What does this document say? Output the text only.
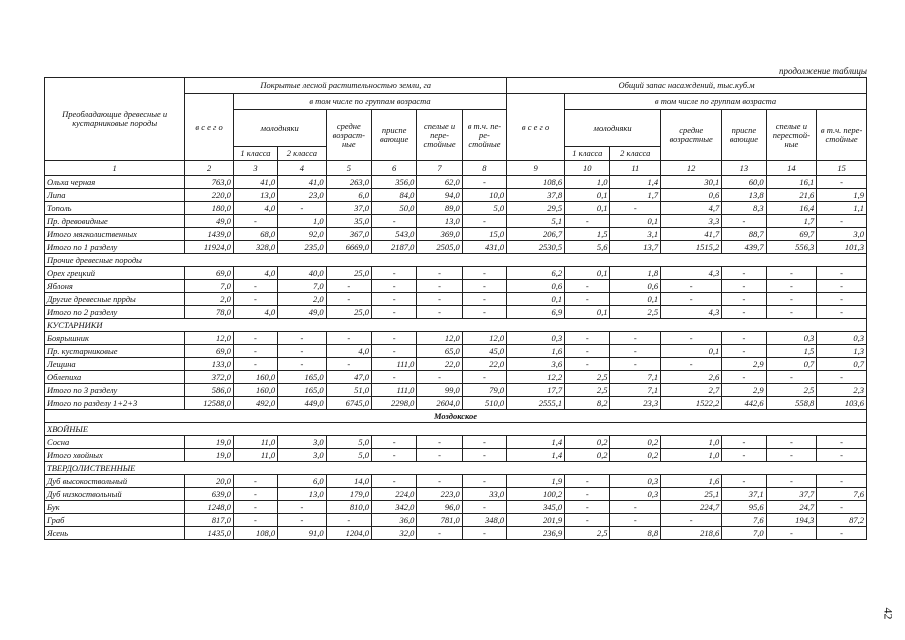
продолжение таблицы
Преобладающие древесные и кустарниковые породы	Покрытые лесной растительностью земли, га							Общий запас насаждений, тыс.куб.м						
	в с е г о	в том числе по группам возраста						в с е г о	в том числе по группам возраста					
		молодняки		средне возраст- ные	приспе вающие	спелые и пере- стойные	в т.ч. пе- ре- стойные		молодняки		средне возрастные	приспе вающие	спелые и перестой- ные	в т.ч. пере- стойные
		1 класса	2 класса						1 класса	2 класса				
1	2	3	4	5	6	7	8	9	10	11	12	13	14	15
Ольха черная	763,0	41,0	41,0	263,0	356,0	62,0	-	108,6	1,0	1,4	30,1	60,0	16,1	-
Липа	220,0	13,0	23,0	6,0	84,0	94,0	10,0	37,8	0,1	1,7	0,6	13,8	21,6	1,9
Тополь	180,0	4,0	-	37,0	50,0	89,0	5,0	29,5	0,1	-	4,7	8,3	16,4	1,1
Пр. древовидные	49,0	-	1,0	35,0	-	13,0	-	5,1	-	0,1	3,3	-	1,7	-
Итого мягколиственных	1439,0	68,0	92,0	367,0	543,0	369,0	15,0	206,7	1,5	3,1	41,7	88,7	69,7	3,0
Итого по 1 разделу	11924,0	328,0	235,0	6669,0	2187,0	2505,0	431,0	2530,5	5,6	13,7	1515,2	439,7	556,3	101,3
Прочие древесные породы														
Орех грецкий	69,0	4,0	40,0	25,0	-	-	-	6,2	0,1	1,8	4,3	-	-	-
Яблоня	7,0	-	7,0	-	-	-	-	0,6	-	0,6	-	-	-	-
Другие древесные пррды	2,0	-	2,0	-	-	-	-	0,1	-	0,1	-	-	-	-
Итого по 2 разделу	78,0	4,0	49,0	25,0	-	-	-	6,9	0,1	2,5	4,3	-	-	-
КУСТАРНИКИ														
Боярышник	12,0	-	-	-	-	12,0	12,0	0,3	-	-	-	-	0,3	0,3
Пр. кустарниковые	69,0	-	-	4,0	-	65,0	45,0	1,6	-	-	0,1	-	1,5	1,3
Лещина	133,0	-	-	-	111,0	22,0	22,0	3,6	-	-	-	2,9	0,7	0,7
Облепиха	372,0	160,0	165,0	47,0	-	-	-	12,2	2,5	7,1	2,6	-	-	-
Итого по 3 разделу	586,0	160,0	165,0	51,0	111,0	99,0	79,0	17,7	2,5	7,1	2,7	2,9	2,5	2,3
Итого по разделу 1+2+3	12588,0	492,0	449,0	6745,0	2298,0	2604,0	510,0	2555,1	8,2	23,3	1522,2	442,6	558,8	103,6
Моздокское														
ХВОЙНЫЕ														
Сосна	19,0	11,0	3,0	5,0	-	-	-	1,4	0,2	0,2	1,0	-	-	-
Итого хвойных	19,0	11,0	3,0	5,0	-	-	-	1,4	0,2	0,2	1,0	-	-	-
ТВЕРДОЛИСТВЕННЫЕ														
Дуб высокоствольный	20,0	-	6,0	14,0	-	-	-	1,9	-	0,3	1,6	-	-	-
Дуб низкоствольный	639,0	-	13,0	179,0	224,0	223,0	33,0	100,2	-	0,3	25,1	37,1	37,7	7,6
Бук	1248,0	-	-	810,0	342,0	96,0	-	345,0	-	-	224,7	95,6	24,7	-
Граб	817,0	-	-	-	36,0	781,0	348,0	201,9	-	-	-	7,6	194,3	87,2
Ясень	1435,0	108,0	91,0	1204,0	32,0	-	-	236,9	2,5	8,8	218,6	7,0	-	-
42
